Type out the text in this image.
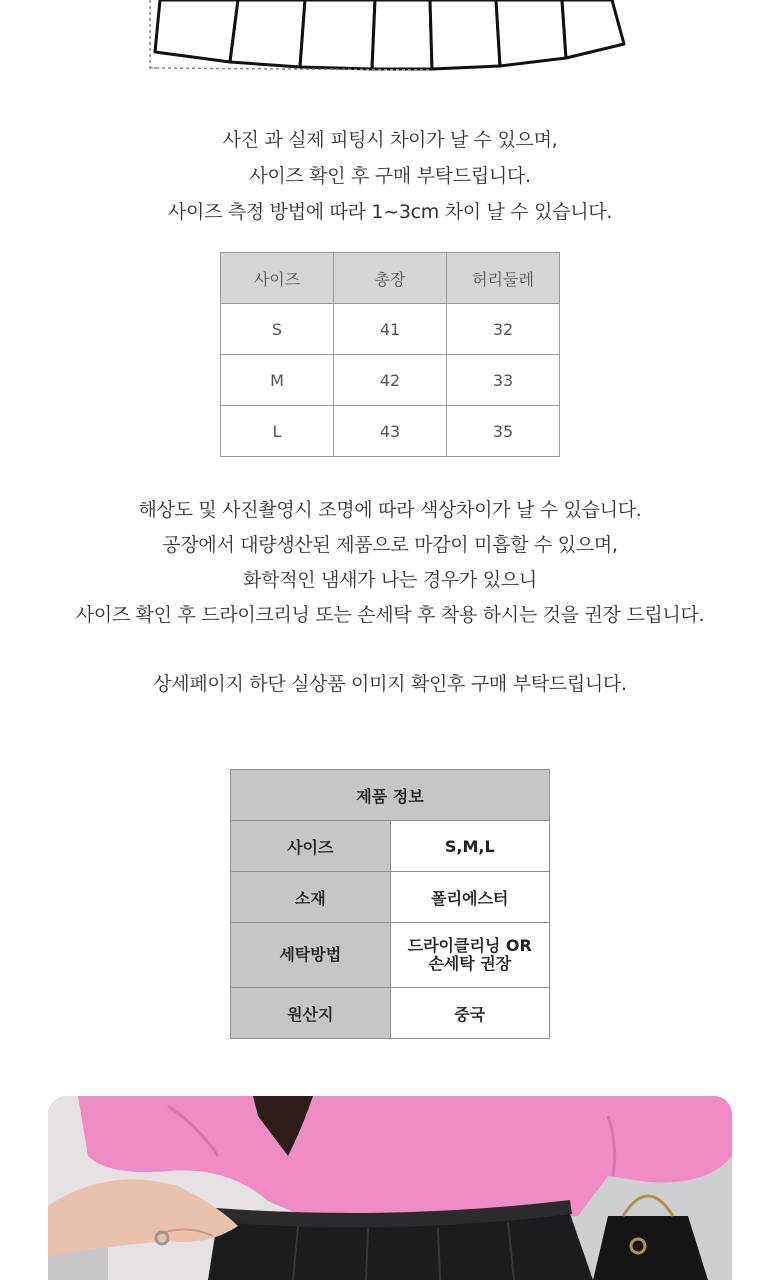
사진 과 실제 피팅시 차이가 날 수 있으며,
사이즈 확인 후 구매 부탁드립니다.
사이즈 측정 방법에 따라 1~3cm 차이 날 수 있습니다.
사이즈	총장	허리둘레
S	41	32
M	42	33
L	43	35
해상도 및 사진촬영시 조명에 따라 색상차이가 날 수 있습니다.
공장에서 대량생산된 제품으로 마감이 미흡할 수 있으며,
화학적인 냄새가 나는 경우가 있으니
사이즈 확인 후 드라이크리닝 또는 손세탁 후 착용 하시는 것을 권장 드립니다.
상세페이지 하단 실상품 이미지 확인후 구매 부탁드립니다.
제품 정보	
사이즈	S,M,L
소재	폴리에스터
세탁방법	드라이클리닝 OR
손세탁 권장

원산지	중국
